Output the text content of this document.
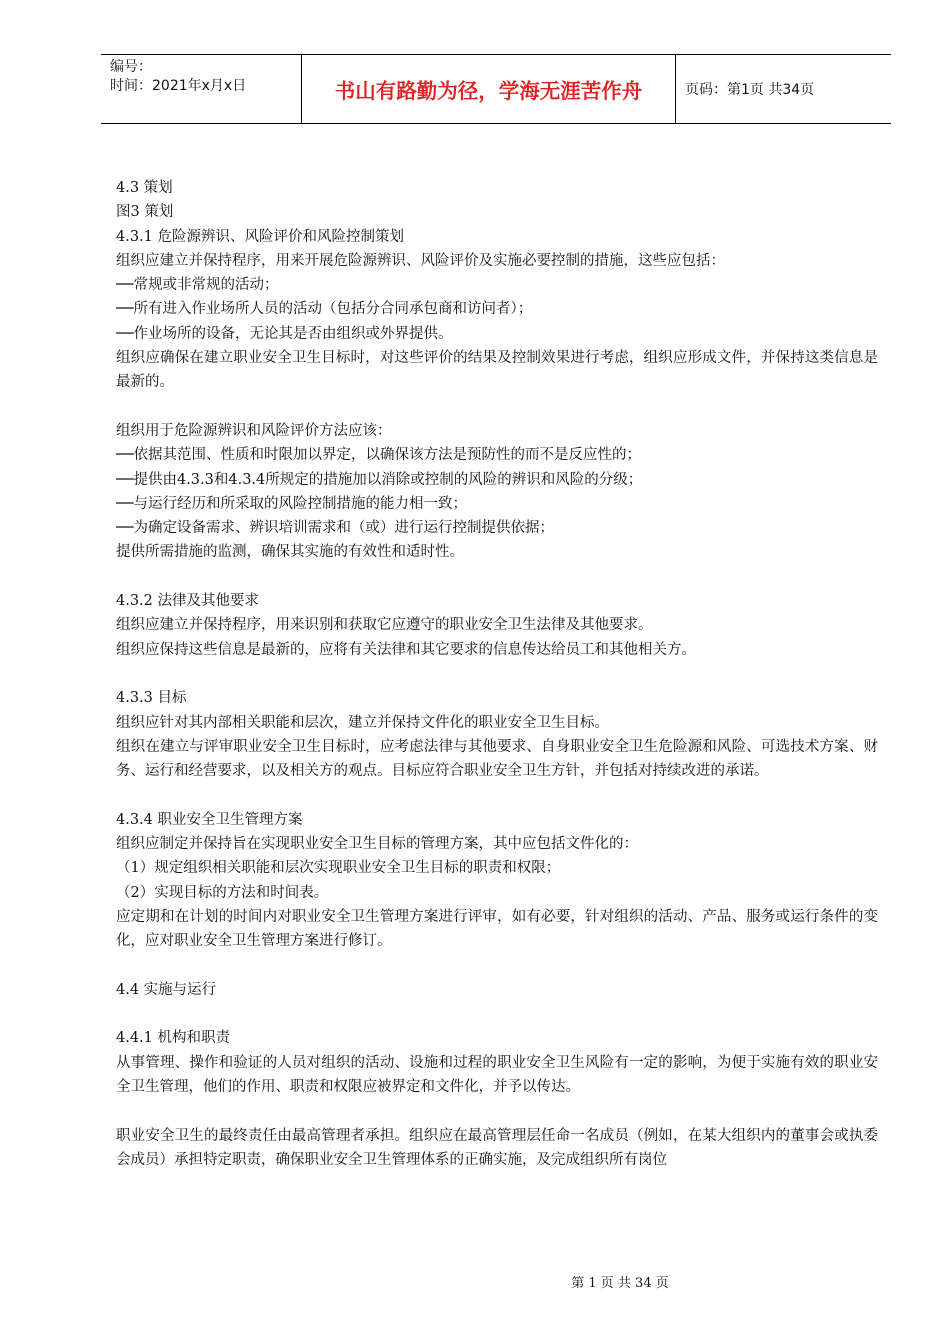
编号：
时间：2021年x月x日	书山有路勤为径，学海无涯苦作舟	页码：第1页 共34页
4.3 策划
图3 策划
4.3.1 危险源辨识、风险评价和风险控制策划
组织应建立并保持程序，用来开展危险源辨识、风险评价及实施必要控制的措施，这些应包括：
──常规或非常规的活动；
──所有进入作业场所人员的活动（包括分合同承包商和访问者）；
──作业场所的设备，无论其是否由组织或外界提供。
组织应确保在建立职业安全卫生目标时，对这些评价的结果及控制效果进行考虑，组织应形成文件，并保持这类信息是最新的。
组织用于危险源辨识和风险评价方法应该：
──依据其范围、性质和时限加以界定，以确保该方法是预防性的而不是反应性的；
──提供由4.3.3和4.3.4所规定的措施加以消除或控制的风险的辨识和风险的分级；
──与运行经历和所采取的风险控制措施的能力相一致；
──为确定设备需求、辨识培训需求和（或）进行运行控制提供依据；
提供所需措施的监测，确保其实施的有效性和适时性。
4.3.2 法律及其他要求
组织应建立并保持程序，用来识别和获取它应遵守的职业安全卫生法律及其他要求。
组织应保持这些信息是最新的，应将有关法律和其它要求的信息传达给员工和其他相关方。
4.3.3 目标
组织应针对其内部相关职能和层次，建立并保持文件化的职业安全卫生目标。
组织在建立与评审职业安全卫生目标时，应考虑法律与其他要求、自身职业安全卫生危险源和风险、可选技术方案、财务、运行和经营要求，以及相关方的观点。目标应符合职业安全卫生方针，并包括对持续改进的承诺。
4.3.4 职业安全卫生管理方案
组织应制定并保持旨在实现职业安全卫生目标的管理方案，其中应包括文件化的：
（1）规定组织相关职能和层次实现职业安全卫生目标的职责和权限；
（2）实现目标的方法和时间表。
应定期和在计划的时间内对职业安全卫生管理方案进行评审，如有必要，针对组织的活动、产品、服务或运行条件的变化，应对职业安全卫生管理方案进行修订。
4.4 实施与运行
4.4.1 机构和职责
从事管理、操作和验证的人员对组织的活动、设施和过程的职业安全卫生风险有一定的影响，为便于实施有效的职业安全卫生管理，他们的作用、职责和权限应被界定和文件化，并予以传达。
职业安全卫生的最终责任由最高管理者承担。组织应在最高管理层任命一名成员（例如，在某大组织内的董事会或执委会成员）承担特定职责，确保职业安全卫生管理体系的正确实施，及完成组织所有岗位
第 1 页 共 34 页
